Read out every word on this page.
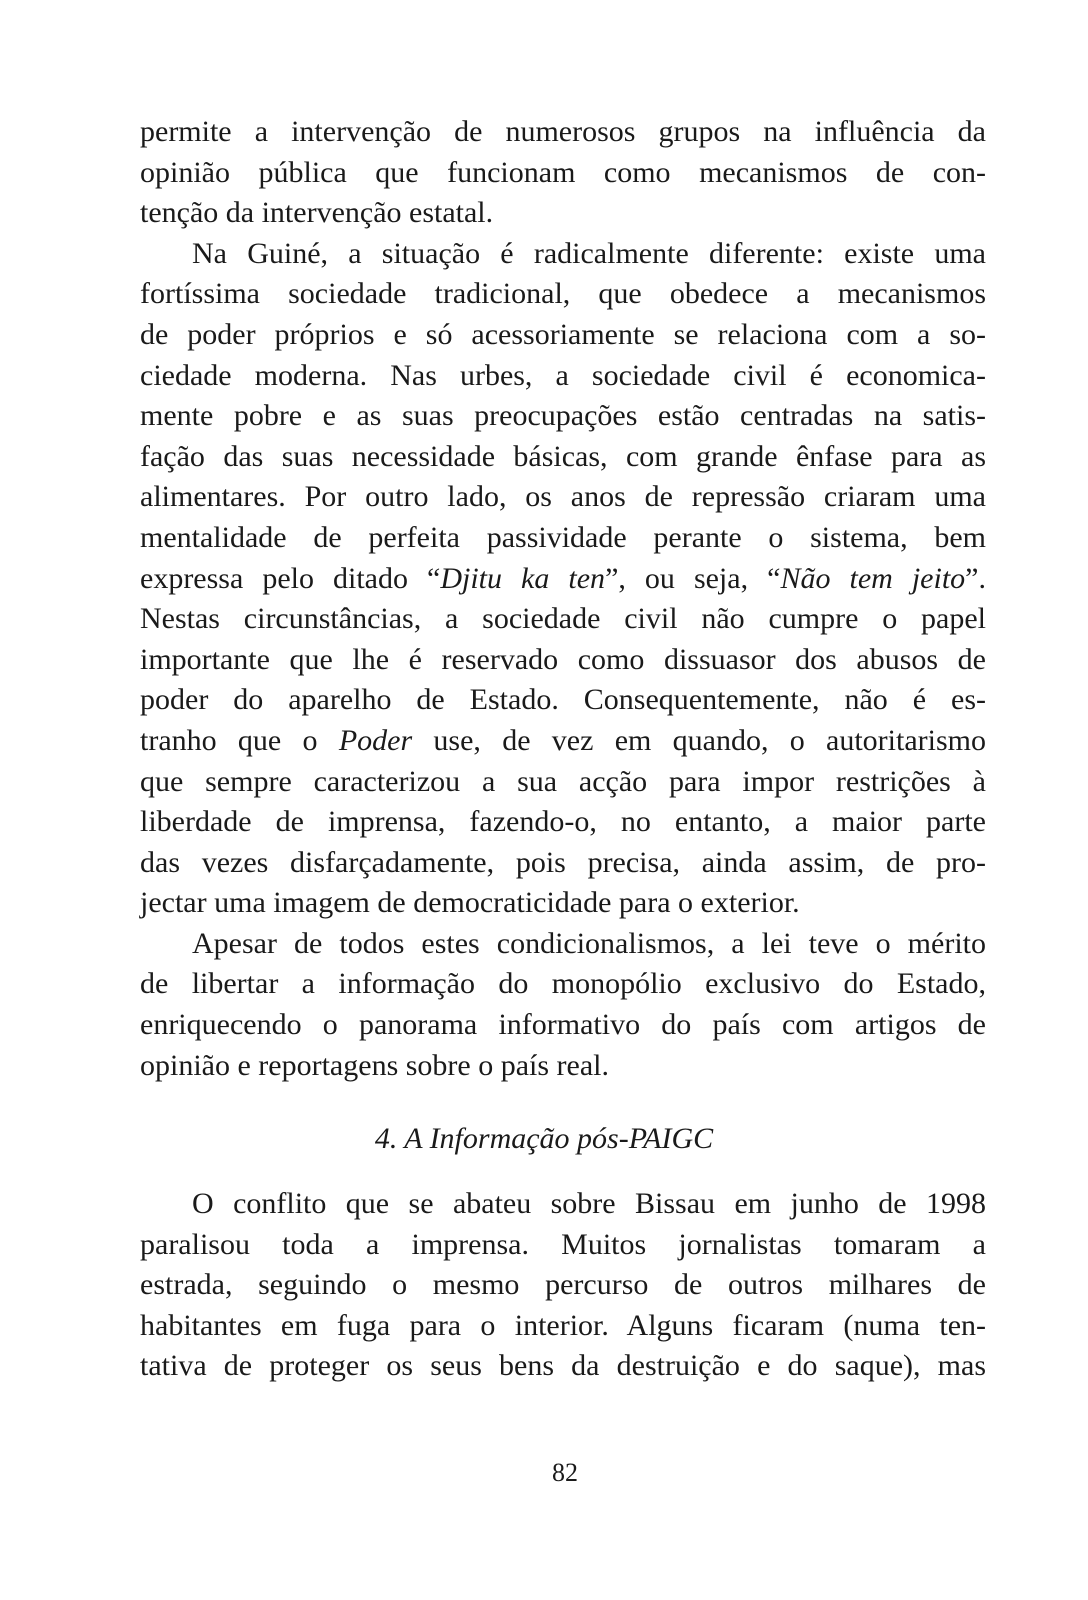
permite a intervenção de numerosos grupos na influência da
opinião pública que funcionam como mecanismos de con-
tenção da intervenção estatal.
Na Guiné, a situação é radicalmente diferente: existe uma
fortíssima sociedade tradicional, que obedece a mecanismos
de poder próprios e só acessoriamente se relaciona com a so-
ciedade moderna. Nas urbes, a sociedade civil é economica-
mente pobre e as suas preocupações estão centradas na satis-
fação das suas necessidade básicas, com grande ênfase para as
alimentares. Por outro lado, os anos de repressão criaram uma
mentalidade de perfeita passividade perante o sistema, bem
expressa pelo ditado “Djitu ka ten”, ou seja, “Não tem jeito”.
Nestas circunstâncias, a sociedade civil não cumpre o papel
importante que lhe é reservado como dissuasor dos abusos de
poder do aparelho de Estado. Consequentemente, não é es-
tranho que o Poder use, de vez em quando, o autoritarismo
que sempre caracterizou a sua acção para impor restrições à
liberdade de imprensa, fazendo-o, no entanto, a maior parte
das vezes disfarçadamente, pois precisa, ainda assim, de pro-
jectar uma imagem de democraticidade para o exterior.
Apesar de todos estes condicionalismos, a lei teve o mérito
de libertar a informação do monopólio exclusivo do Estado,
enriquecendo o panorama informativo do país com artigos de
opinião e reportagens sobre o país real.
4. A Informação pós-PAIGC
O conflito que se abateu sobre Bissau em junho de 1998
paralisou toda a imprensa. Muitos jornalistas tomaram a
estrada, seguindo o mesmo percurso de outros milhares de
habitantes em fuga para o interior. Alguns ficaram (numa ten-
tativa de proteger os seus bens da destruição e do saque), mas
82
